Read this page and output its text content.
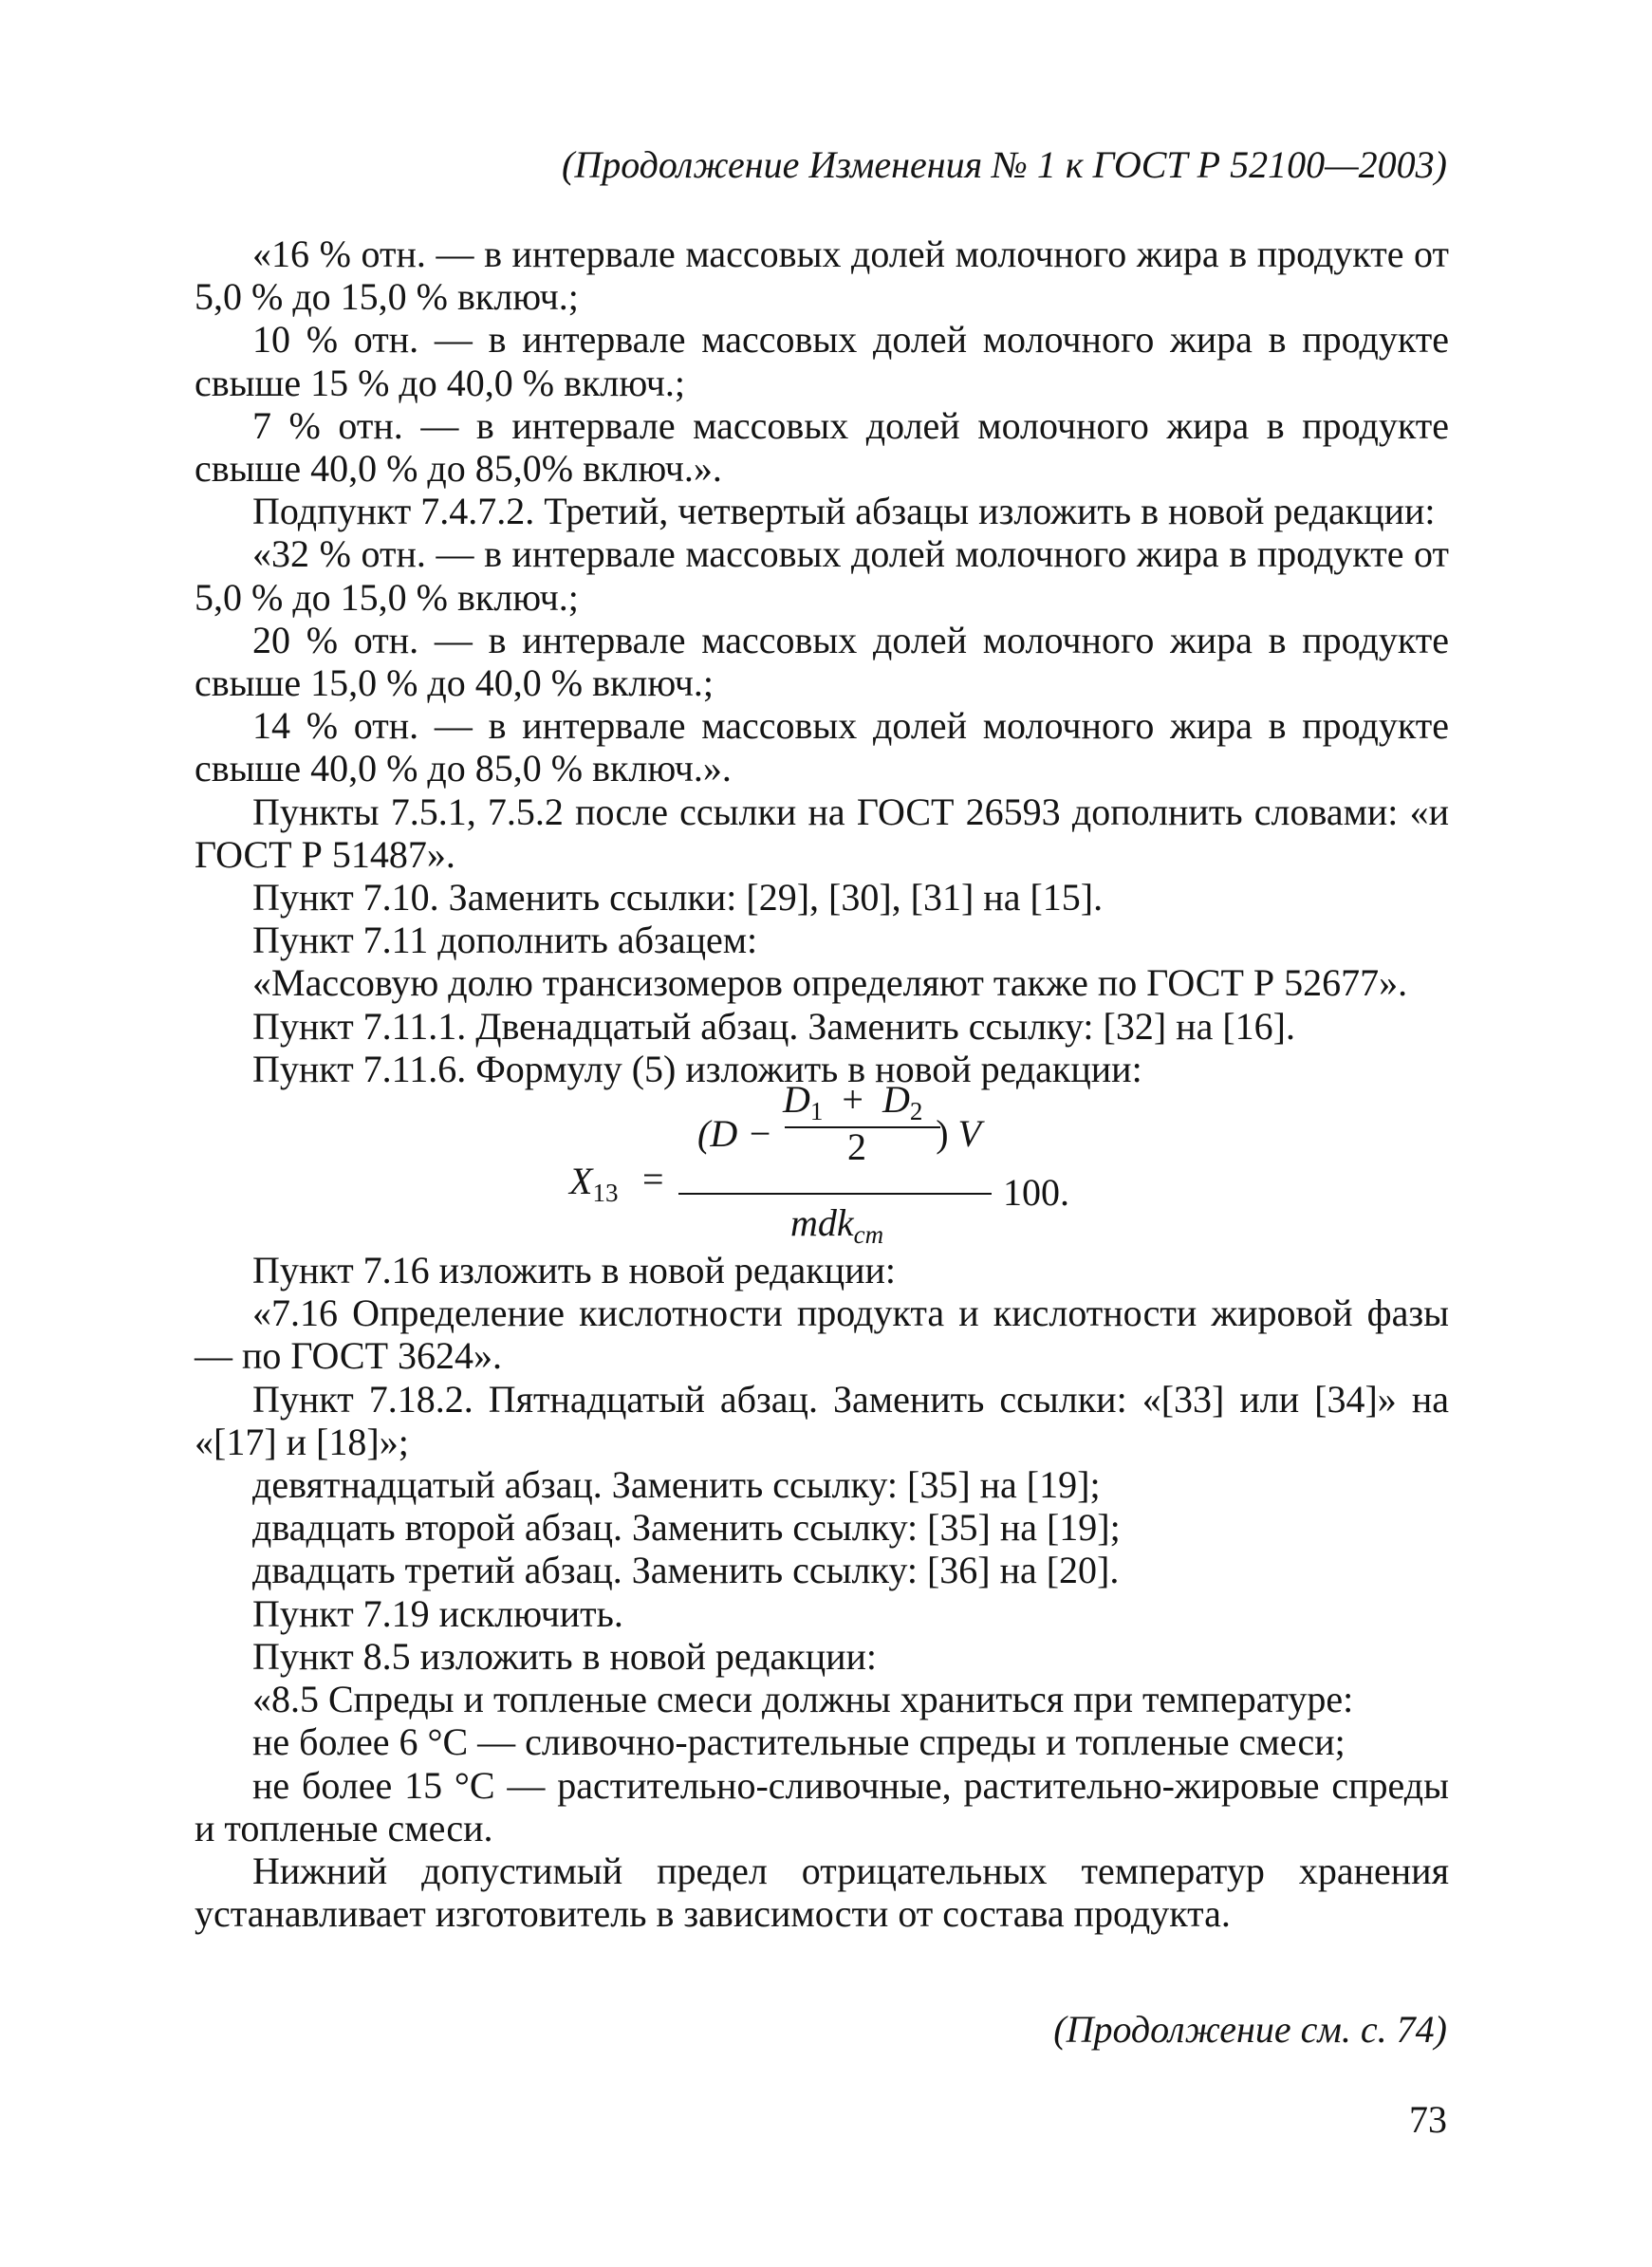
(Продолжение Изменения № 1 к ГОСТ Р 52100—2003)

«16 % отн. — в интервале массовых долей молочного жира в продукте от 5,0 % до 15,0 % включ.;

10 % отн. — в интервале массовых долей молочного жира в продукте свыше 15 % до 40,0 % включ.;

7 % отн. — в интервале массовых долей молочного жира в продукте свыше 40,0 % до 85,0% включ.».

Подпункт 7.4.7.2. Третий, четвертый абзацы изложить в новой редакции:

«32 % отн. — в интервале массовых долей молочного жира в продукте от 5,0 % до 15,0 % включ.;

20 % отн. — в интервале массовых долей молочного жира в продукте свыше 15,0 % до 40,0 % включ.;

14 % отн. — в интервале массовых долей молочного жира в продукте свыше 40,0 % до 85,0 % включ.».

Пункты 7.5.1, 7.5.2 после ссылки на ГОСТ 26593 дополнить словами: «и ГОСТ Р 51487».

Пункт 7.10. Заменить ссылки: [29], [30], [31] на [15].

Пункт 7.11 дополнить абзацем:

«Массовую долю трансизомеров определяют также по ГОСТ Р 52677».

Пункт 7.11.1. Двенадцатый абзац. Заменить ссылку: [32] на [16].

Пункт 7.11.6. Формулу (5) изложить в новой редакции:

$X_{13}$ =
(D −	) V
$D_1 + D_2$
2
mdk$_{cm}$
100.

Пункт 7.16 изложить в новой редакции:

«7.16 Определение кислотности продукта и кислотности жировой фазы — по ГОСТ 3624».

Пункт 7.18.2. Пятнадцатый абзац. Заменить ссылки: «[33] или [34]» на «[17] и [18]»;

девятнадцатый абзац. Заменить ссылку: [35] на [19];

двадцать второй абзац. Заменить ссылку: [35] на [19];

двадцать третий абзац. Заменить ссылку: [36] на [20].

Пункт 7.19 исключить.

Пункт 8.5 изложить в новой редакции:

«8.5 Спреды и топленые смеси должны храниться при температуре:

не более 6 °С — сливочно-растительные спреды и топленые смеси;

не более 15 °С — растительно-сливочные, растительно-жировые спреды и топленые смеси.

Нижний допустимый предел отрицательных температур хранения устанавливает изготовитель в зависимости от состава продукта.

(Продолжение см. с. 74)
73
